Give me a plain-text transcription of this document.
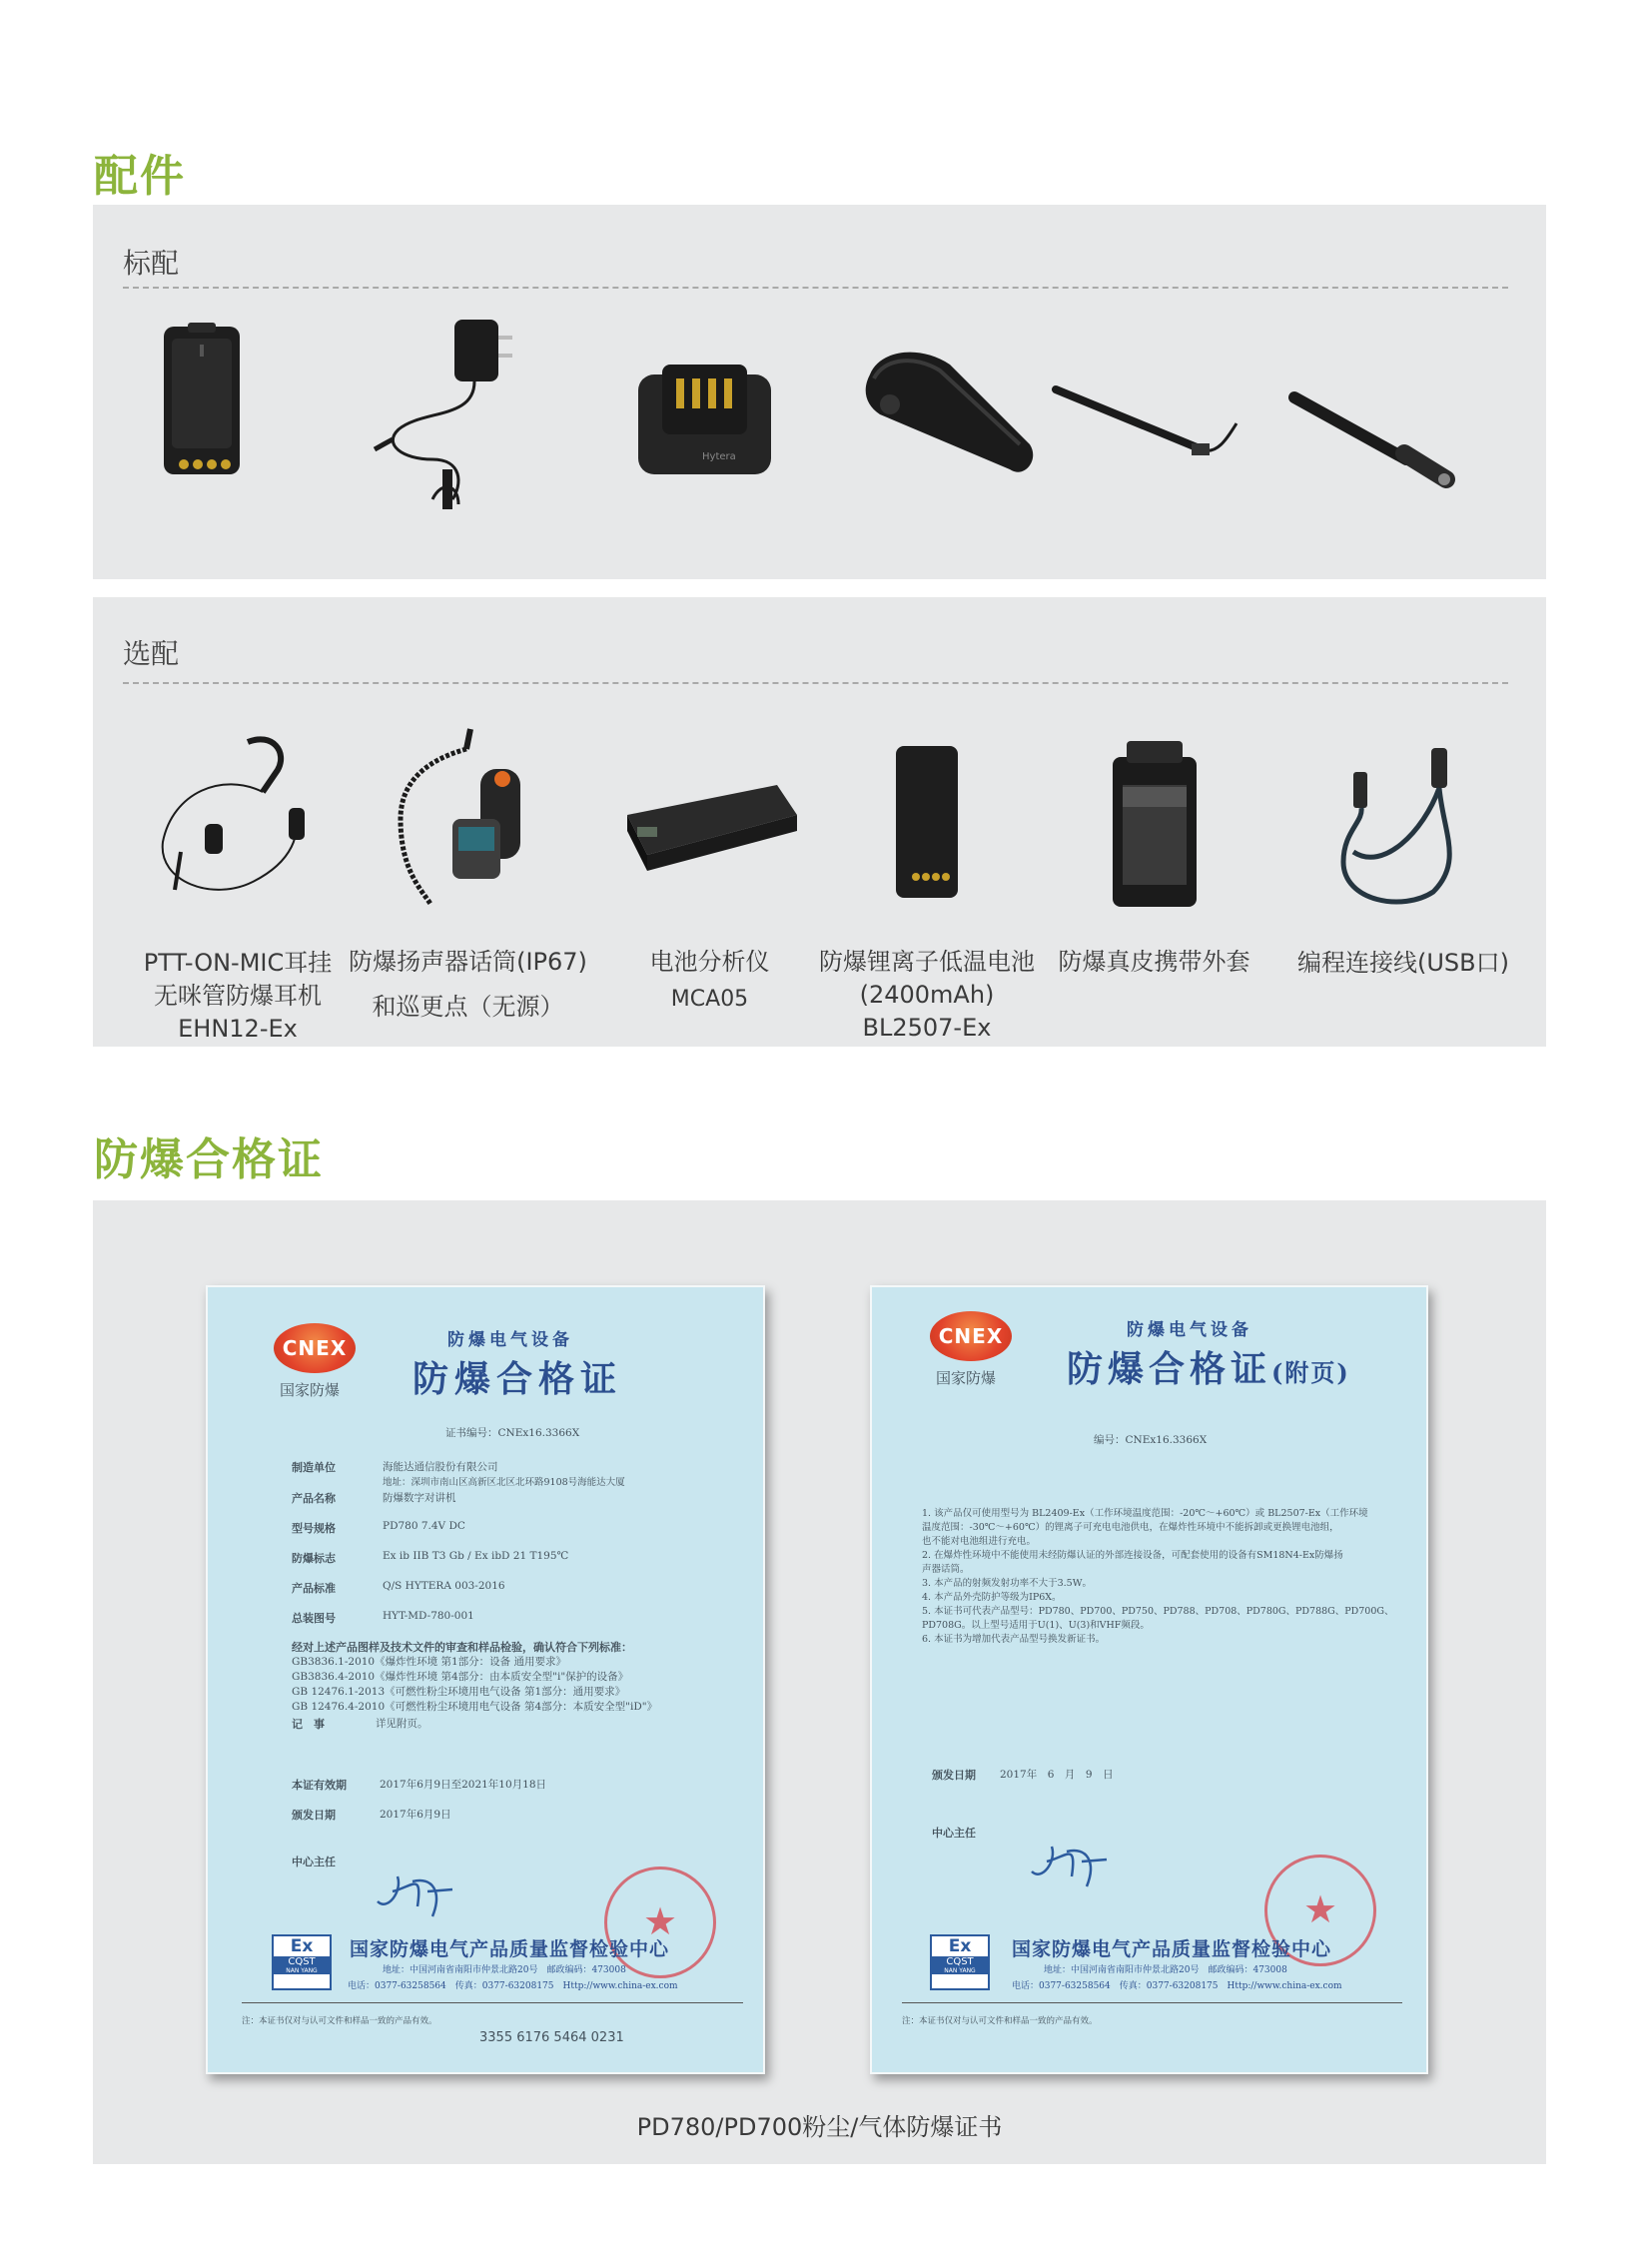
配件
标配
Hytera
选配
PTT-ON-MIC耳挂
无咪管防爆耳机
EHN12-Ex
防爆扬声器话筒(IP67)
和巡更点（无源）
电池分析仪
MCA05
防爆锂离子低温电池
(2400mAh)
BL2507-Ex
防爆真皮携带外套	编程连接线(USB口)
防爆合格证
CNEX
国家防爆
防爆电气设备
防爆合格证
证书编号：CNEx16.3366X
制造单位	海能达通信股份有限公司
地址：深圳市南山区高新区北区北环路9108号海能达大厦
产品名称	防爆数字对讲机
型号规格	PD780 7.4V DC
防爆标志	Ex ib IIB T3 Gb / Ex ibD 21 T195℃
产品标准	Q/S HYTERA 003-2016
总装图号	HYT-MD-780-001
经对上述产品图样及技术文件的审查和样品检验，确认符合下列标准：
GB3836.1-2010《爆炸性环境 第1部分：设备 通用要求》
GB3836.4-2010《爆炸性环境 第4部分：由本质安全型"i"保护的设备》
GB 12476.1-2013《可燃性粉尘环境用电气设备 第1部分：通用要求》
GB 12476.4-2010《可燃性粉尘环境用电气设备 第4部分：本质安全型"iD"》
记　事	详见附页。
本证有效期	2017年6月9日至2021年10月18日
颁发日期	2017年6月9日
中心主任
★
Ex
CQST
NAN YANG
国家防爆电气产品质量监督检验中心
地址：中国河南省南阳市仲景北路20号　邮政编码：473008
电话：0377-63258564　传真：0377-63208175　Http://www.china-ex.com
注：本证书仅对与认可文件和样品一致的产品有效。
3355 6176 5464 0231
CNEX
国家防爆
防爆电气设备
防爆合格证(附页)
编号：CNEx16.3366X
1. 该产品仅可使用型号为 BL2409-Ex（工作环境温度范围：-20℃～+60℃）或 BL2507-Ex（工作环境
温度范围：-30℃～+60℃）的锂离子可充电电池供电，在爆炸性环境中不能拆卸或更换锂电池组，
也不能对电池组进行充电。
2. 在爆炸性环境中不能使用未经防爆认证的外部连接设备，可配套使用的设备有SM18N4-Ex防爆扬
声器话筒。
3. 本产品的射频发射功率不大于3.5W。
4. 本产品外壳防护等级为IP6X。
5. 本证书可代表产品型号：PD780、PD700、PD750、PD788、PD708、PD780G、PD788G、PD700G、
PD708G。以上型号适用于U(1)、U(3)和VHF频段。
6. 本证书为增加代表产品型号换发新证书。
颁发日期 2017年　6　月　9　日
中心主任
★
Ex
CQST
NAN YANG
国家防爆电气产品质量监督检验中心
地址：中国河南省南阳市仲景北路20号　邮政编码：473008
电话：0377-63258564　传真：0377-63208175　Http://www.china-ex.com
注：本证书仅对与认可文件和样品一致的产品有效。
PD780/PD700粉尘/气体防爆证书
